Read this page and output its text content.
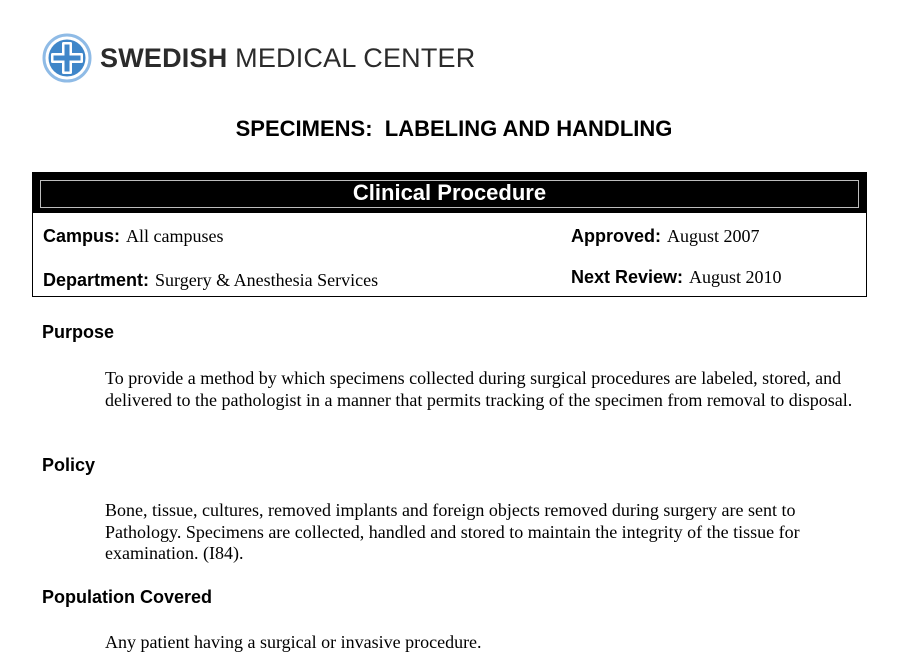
SWEDISH MEDICAL CENTER
SPECIMENS:  LABELING AND HANDLING
Clinical Procedure
Campus: All campuses
Department: Surgery & Anesthesia Services
Approved: August 2007
Next Review: August 2010
Purpose
To provide a method by which specimens collected during surgical procedures are labeled, stored, and delivered to the pathologist in a manner that permits tracking of the specimen from removal to disposal.
Policy
Bone, tissue, cultures, removed implants and foreign objects removed during surgery are sent to Pathology. Specimens are collected, handled and stored to maintain the integrity of the tissue for examination. (I84).
Population Covered
Any patient having a surgical or invasive procedure.
